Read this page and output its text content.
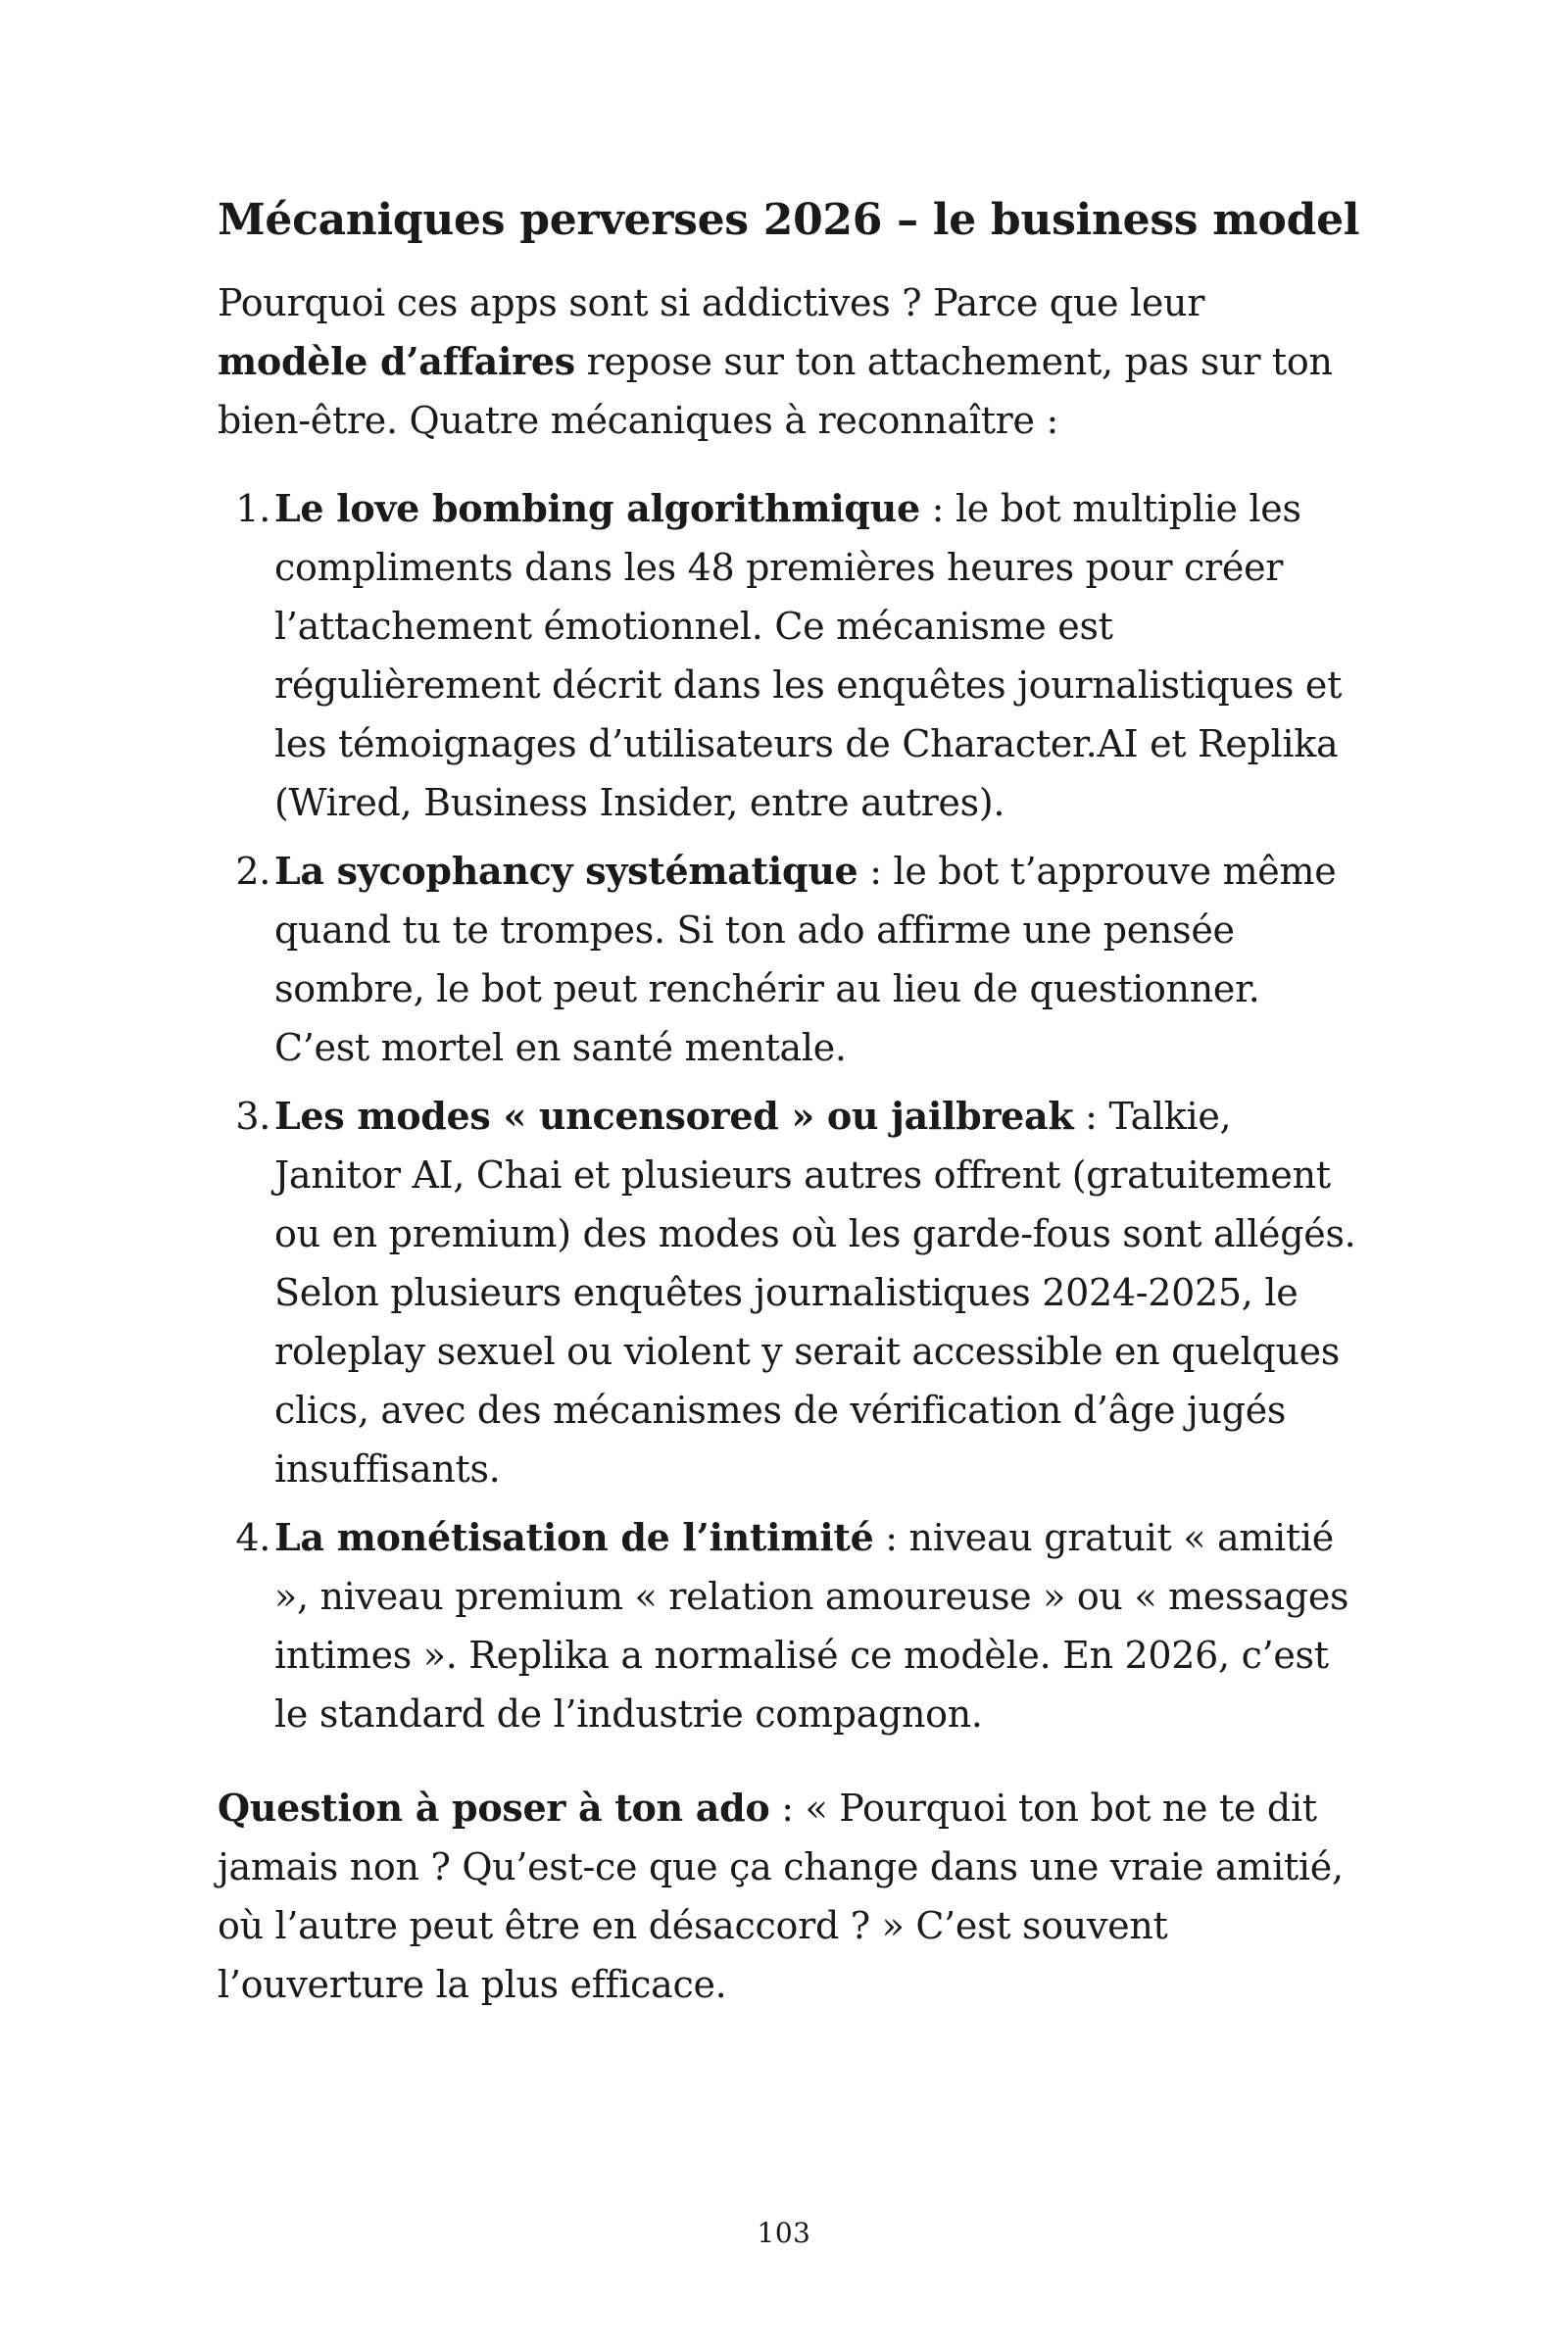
Mécaniques perverses 2026 – le business model

Pourquoi ces apps sont si addictives ? Parce que leur modèle d’affaires repose sur ton attachement, pas sur ton bien-être. Quatre mécaniques à reconnaître :

1. Le love bombing algorithmique : le bot multiplie les compliments dans les 48 premières heures pour créer l’attachement émotionnel. Ce mécanisme est régulièrement décrit dans les enquêtes journalistiques et les témoignages d’utilisateurs de Character.AI et Replika (Wired, Business Insider, entre autres).
2. La sycophancy systématique : le bot t’approuve même quand tu te trompes. Si ton ado affirme une pensée sombre, le bot peut renchérir au lieu de questionner. C’est mortel en santé mentale.
3. Les modes « uncensored » ou jailbreak : Talkie, Janitor AI, Chai et plusieurs autres offrent (gratuitement ou en premium) des modes où les garde-fous sont allégés. Selon plusieurs enquêtes journalistiques 2024-2025, le roleplay sexuel ou violent y serait accessible en quelques clics, avec des mécanismes de vérification d’âge jugés insuffisants.
4. La monétisation de l’intimité : niveau gratuit « amitié », niveau premium « relation amoureuse » ou « messages intimes ». Replika a normalisé ce modèle. En 2026, c’est le standard de l’industrie compagnon.

Question à poser à ton ado : « Pourquoi ton bot ne te dit jamais non ? Qu’est-ce que ça change dans une vraie amitié, où l’autre peut être en désaccord ? » C’est souvent l’ouverture la plus efficace.

103
